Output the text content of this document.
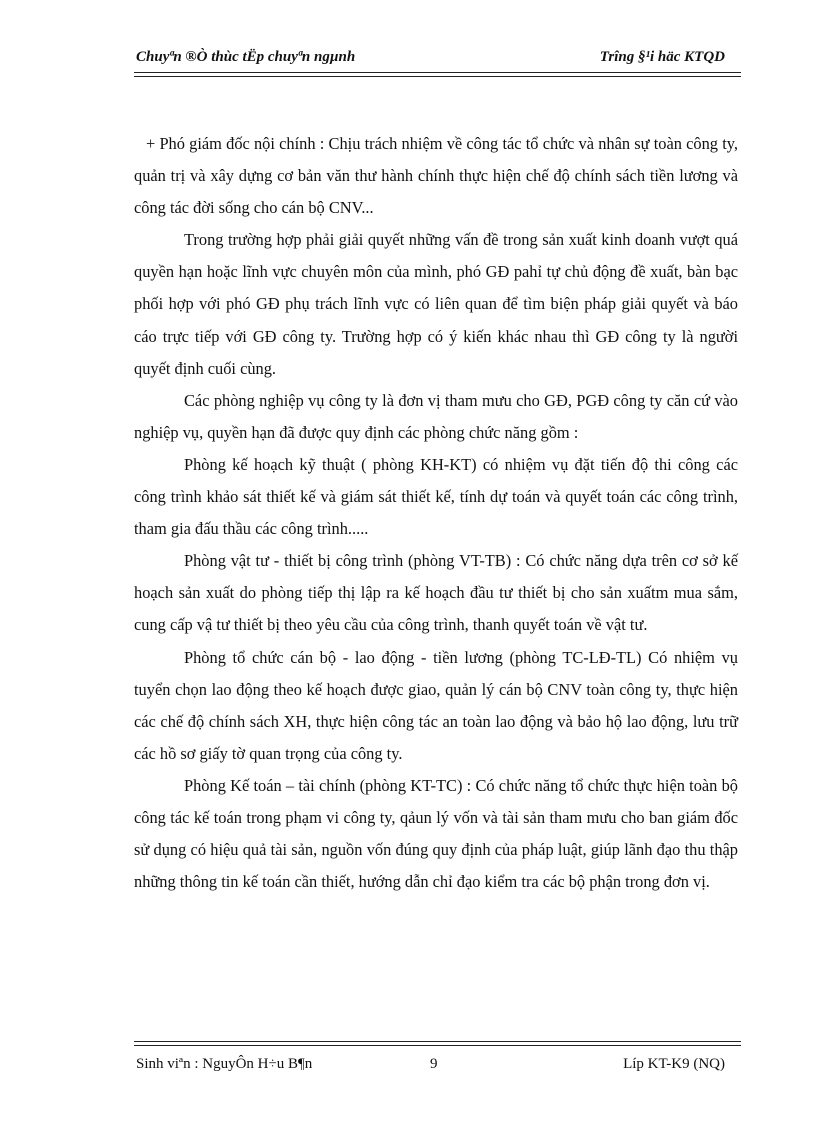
Chuyªn ®Ò thùc tËp chuyªn ngµnh	Trîng §¹i häc KTQD

+ Phó giám đốc nội chính : Chịu trách nhiệm về công tác tổ chức và nhân sự toàn công ty, quản trị và xây dựng cơ bản văn thư hành chính thực hiện chế độ chính sách tiền lương và công tác đời sống cho cán bộ CNV...

Trong trường hợp phải giải quyết những vấn đề trong sản xuất kinh doanh vượt quá quyền hạn hoặc lĩnh vực chuyên môn của mình, phó GĐ pahỉ tự chủ động đề xuất, bàn bạc phối hợp với phó GĐ phụ trách lĩnh vực có liên quan để tìm biện pháp giải quyết và báo cáo trực tiếp với GĐ công ty. Trường hợp có ý kiến khác nhau thì GĐ công ty là người quyết định cuối cùng.

Các phòng nghiệp vụ công ty là đơn vị tham mưu cho GĐ, PGĐ công ty căn cứ vào nghiệp vụ, quyền hạn đã được quy định các phòng chức năng gồm :

Phòng kế hoạch kỹ thuật ( phòng KH-KT) có nhiệm vụ đặt tiến độ thi công các công trình khảo sát thiết kế và giám sát thiết kế, tính dự toán và quyết toán các công trình, tham gia đấu thầu các công trình.....

Phòng vật tư - thiết bị công trình (phòng VT-TB) : Có chức năng dựa trên cơ sở kế hoạch sản xuất do phòng tiếp thị lập ra kế hoạch đầu tư thiết bị cho sản xuấtm mua sắm, cung cấp vậ tư thiết bị theo yêu cầu của công trình, thanh quyết toán về vật tư.

Phòng tổ chức cán bộ - lao động - tiền lương (phòng TC-LĐ-TL) Có nhiệm vụ tuyển chọn lao động theo kế hoạch được giao, quản lý cán bộ CNV toàn công ty, thực hiện các chế độ chính sách XH, thực hiện công tác an toàn lao động và bảo hộ lao động, lưu trữ các hồ sơ giấy tờ quan trọng của công ty.

Phòng Kế toán – tài chính (phòng KT-TC) : Có chức năng tổ chức thực hiện toàn bộ công tác kế toán trong phạm vi công ty, qảun lý vốn và tài sản tham mưu cho ban giám đốc sử dụng có hiệu quả tài sản, nguồn vốn đúng quy định của pháp luật, giúp lãnh đạo thu thập những thông tin kế toán cần thiết, hướng dẫn chỉ đạo kiểm tra các bộ phận trong đơn vị.

Sinh viªn : NguyÔn H÷u B¶n	9	Líp KT-K9 (NQ)
